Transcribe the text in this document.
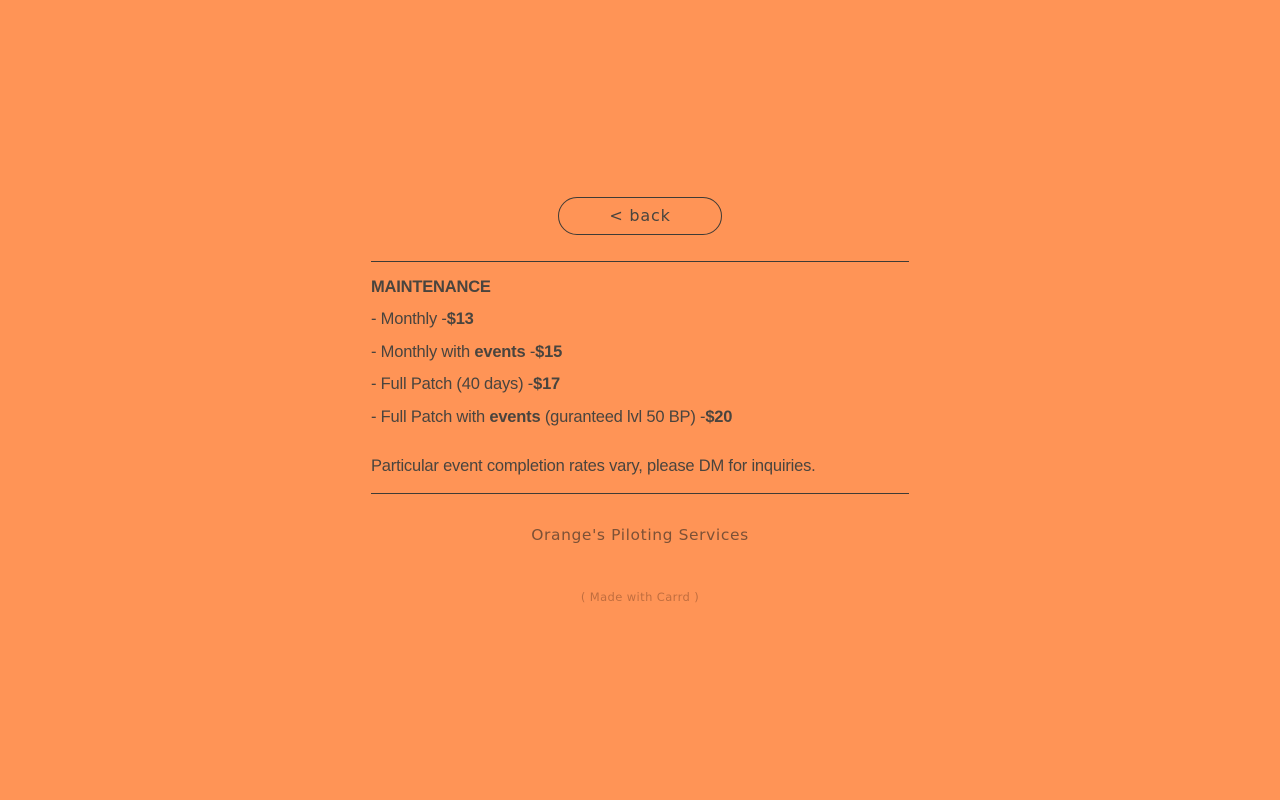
< back
MAINTENANCE
- Monthly -$13
- Monthly with events -$15
- Full Patch (40 days) -$17
- Full Patch with events (guranteed lvl 50 BP) -$20
Particular event completion rates vary, please DM for inquiries.
Orange's Piloting Services
( Made with Carrd )
